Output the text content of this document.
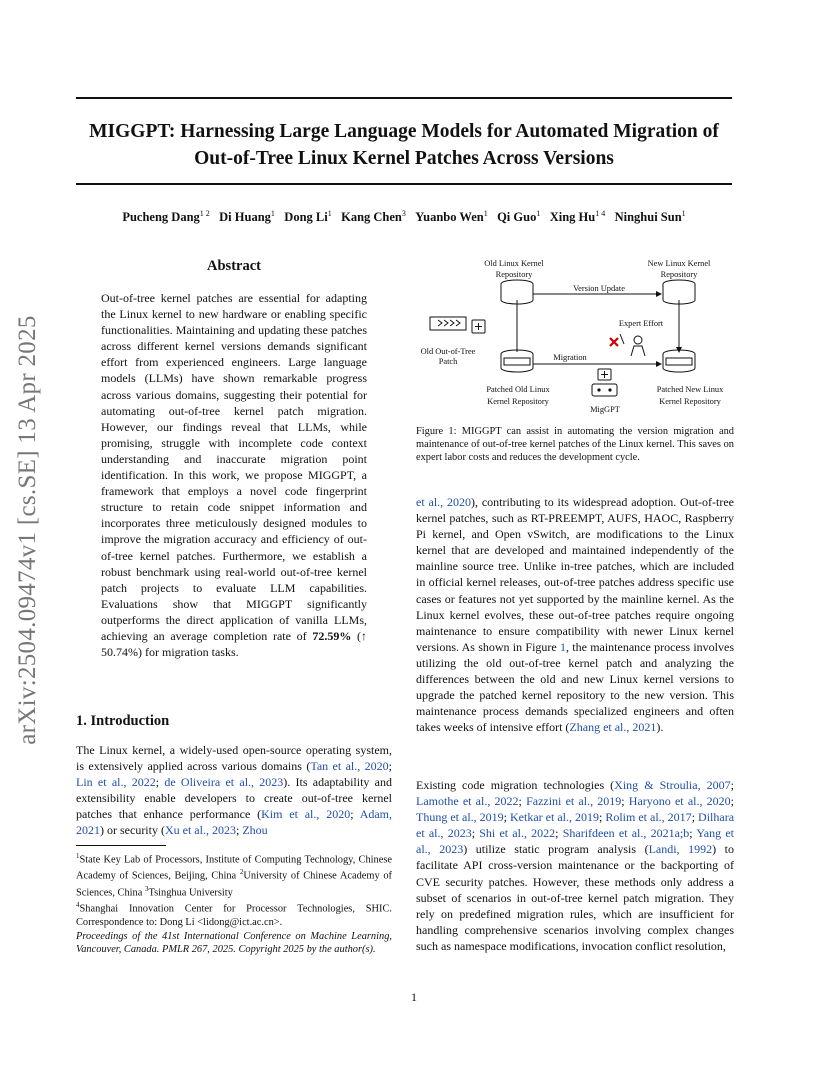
MIGGPT: Harnessing Large Language Models for Automated Migration of
Out-of-Tree Linux Kernel Patches Across Versions
Pucheng Dang$^{1 2}$ Di Huang$^1$ Dong Li$^1$ Kang Chen$^3$ Yuanbo Wen$^1$ Qi Guo$^1$ Xing $Hu^{1 4}$ Ninghui Sun$^1$
arXiv:2504.09474v1 [cs.SE] 13 Apr 2025
Abstract
Out-of-tree kernel patches are essential for adapting the Linux kernel to new hardware or enabling specific functionalities. Maintaining and updating these patches across different kernel versions demands significant effort from experienced engineers. Large language models (LLMs) have shown remarkable progress across various domains, suggesting their potential for automating out-of-tree kernel patch migration. However, our findings reveal that LLMs, while promising, struggle with incomplete code context understanding and inaccurate migration point identification. In this work, we propose MIGGPT, a framework that employs a novel code fingerprint structure to retain code snippet information and incorporates three meticulously designed modules to improve the migration accuracy and efficiency of out-of-tree kernel patches. Furthermore, we establish a robust benchmark using real-world out-of-tree kernel patch projects to evaluate LLM capabilities. Evaluations show that MIGGPT significantly outperforms the direct application of vanilla LLMs, achieving an average completion rate of 72.59% (↑ 50.74%) for migration tasks.
1. Introduction
The Linux kernel, a widely-used open-source operating system, is extensively applied across various domains (Tan et al., 2020; Lin et al., 2022; de Oliveira et al., 2023). Its adaptability and extensibility enable developers to create out-of-tree kernel patches that enhance performance (Kim et al., 2020; Adam, 2021) or security (Xu et al., 2023; Zhou
$^1$State Key Lab of Processors, Institute of Computing Technology, Chinese Academy of Sciences, Beijing, China $^2$University of Chinese Academy of Sciences, China $^3$Tsinghua University
$^4$Shanghai Innovation Center for Processor Technologies, SHIC. Correspondence to: Dong Li <lidong@ict.ac.cn>.
Proceedings of the 41st International Conference on Machine Learning, Vancouver, Canada. PMLR 267, 2025. Copyright 2025 by the author(s).
Old Linux Kernel
Repository
New Linux Kernel
Repository
Version Update
Expert Effort
Old Out-of-Tree
Patch	Migration
Patched Old Linux
Kernel Repository
Patched New Linux
Kernel Repository
MigGPT
Figure 1: MIGGPT can assist in automating the version migration and maintenance of out-of-tree kernel patches of the Linux kernel. This saves on expert labor costs and reduces the development cycle.
et al., 2020), contributing to its widespread adoption. Out-of-tree kernel patches, such as RT-PREEMPT, AUFS, HAOC, Raspberry Pi kernel, and Open vSwitch, are modifications to the Linux kernel that are developed and maintained independently of the mainline source tree. Unlike in-tree patches, which are included in official kernel releases, out-of-tree patches address specific use cases or features not yet supported by the mainline kernel. As the Linux kernel evolves, these out-of-tree patches require ongoing maintenance to ensure compatibility with newer Linux kernel versions. As shown in Figure 1, the maintenance process involves utilizing the old out-of-tree kernel patch and analyzing the differences between the old and new Linux kernel versions to upgrade the patched kernel repository to the new version. This maintenance process demands specialized engineers and often takes weeks of intensive effort (Zhang et al., 2021).
Existing code migration technologies (Xing & Stroulia, 2007; Lamothe et al., 2022; Fazzini et al., 2019; Haryono et al., 2020; Thung et al., 2019; Ketkar et al., 2019; Rolim et al., 2017; Dilhara et al., 2023; Shi et al., 2022; Sharifdeen et al., 2021a;b; Yang et al., 2023) utilize static program analysis (Landi, 1992) to facilitate API cross-version maintenance or the backporting of CVE security patches. However, these methods only address a subset of scenarios in out-of-tree kernel patch migration. They rely on predefined migration rules, which are insufficient for handling comprehensive scenarios involving complex changes such as namespace modifications, invocation conflict resolution,
1
